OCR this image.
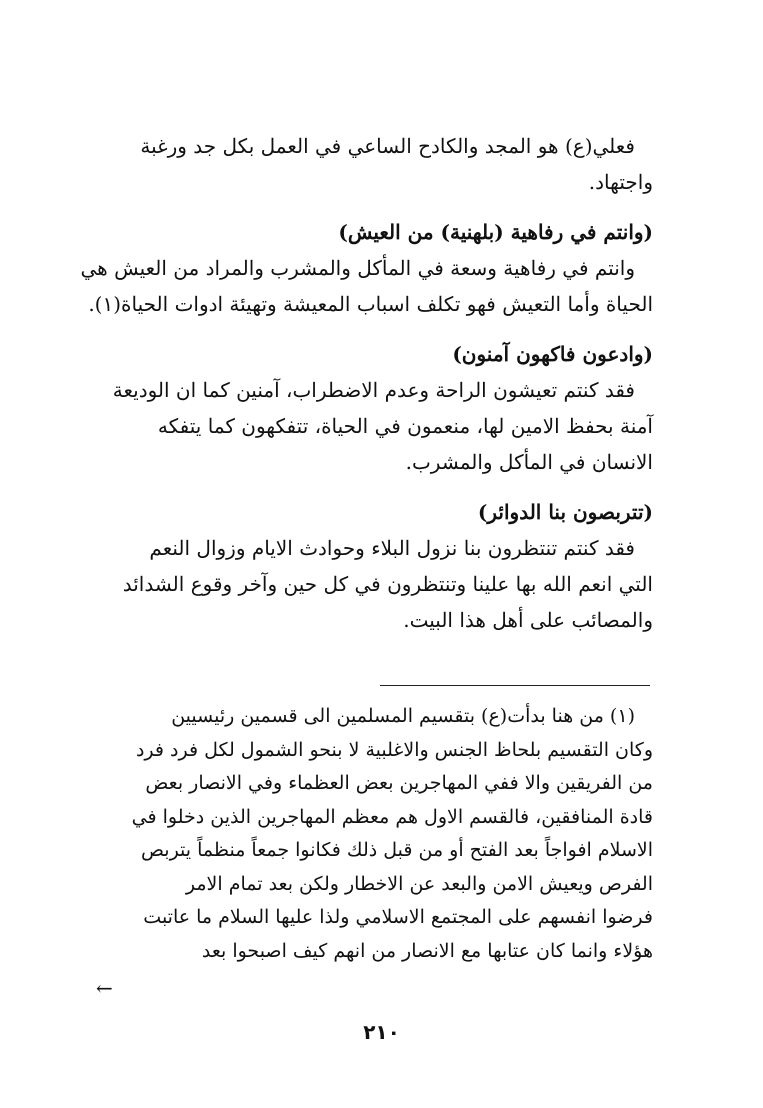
فعلي(ع) هو المجد والكادح الساعي في العمل بكل جد ورغبة
واجتهاد.
(وانتم في رفاهية (بلهنية) من العيش)
وانتم في رفاهية وسعة في المأكل والمشرب والمراد من العيش هي
الحياة وأما التعيش فهو تكلف اسباب المعيشة وتهيئة ادوات الحياة(١).
(وادعون فاكهون آمنون)
فقد كنتم تعيشون الراحة وعدم الاضطراب، آمنين كما ان الوديعة
آمنة بحفظ الامين لها، منعمون في الحياة، تتفكهون كما يتفكه
الانسان في المأكل والمشرب.
(تتربصون بنا الدوائر)
فقد كنتم تنتظرون بنا نزول البلاء وحوادث الايام وزوال النعم
التي انعم الله بها علينا وتنتظرون في كل حين وآخر وقوع الشدائد
والمصائب على أهل هذا البيت.
(١) من هنا بدأت(ع) بتقسيم المسلمين الى قسمين رئيسيين
وكان التقسيم بلحاظ الجنس والاغلبية لا بنحو الشمول لكل فرد فرد
من الفريقين والا ففي المهاجرين بعض العظماء وفي الانصار بعض
قادة المنافقين، فالقسم الاول هم معظم المهاجرين الذين دخلوا في
الاسلام افواجاً بعد الفتح أو من قبل ذلك فكانوا جمعاً منظماً يتربص
الفرص ويعيش الامن والبعد عن الاخطار ولكن بعد تمام الامر
فرضوا انفسهم على المجتمع الاسلامي ولذا عليها السلام ما عاتبت
هؤلاء وانما كان عتابها مع الانصار من انهم كيف اصبحوا بعد
←
٢١٠
